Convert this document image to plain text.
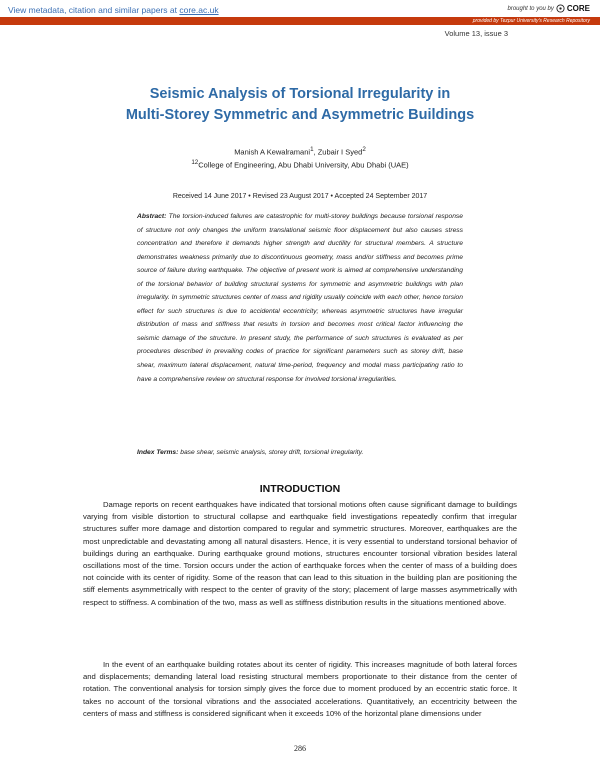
View metadata, citation and similar papers at core.ac.uk	brought to you by CORE
provided by Tezpur University's Research Repository
Volume 13, issue 3
Seismic Analysis of Torsional Irregularity in
Multi-Storey Symmetric and Asymmetric Buildings
Manish A Kewalramani$^1$, Zubair I Syed$^2$
$^{12}$College of Engineering, Abu Dhabi University, Abu Dhabi (UAE)
Received 14 June 2017 • Revised 23 August 2017 • Accepted 24 September 2017
Abstract: The torsion-induced failures are catastrophic for multi-storey buildings because torsional response of structure not only changes the uniform translational seismic floor displacement but also causes stress concentration and therefore it demands higher strength and ductility for structural members. A structure demonstrates weakness primarily due to discontinuous geometry, mass and/or stiffness and becomes prime source of failure during earthquake. The objective of present work is aimed at comprehensive understanding of the torsional behavior of building structural systems for symmetric and asymmetric buildings with plan irregularity. In symmetric structures center of mass and rigidity usually coincide with each other, hence torsion effect for such structures is due to accidental eccentricity; whereas asymmetric structures have irregular distribution of mass and stiffness that results in torsion and becomes most critical factor influencing the seismic damage of the structure. In present study, the performance of such structures is evaluated as per procedures described in prevailing codes of practice for significant parameters such as storey drift, base shear, maximum lateral displacement, natural time-period, frequency and modal mass participating ratio to have a comprehensive review on structural response for involved torsional irregularities.
Index Terms: base shear, seismic analysis, storey drift, torsional irregularity.
INTRODUCTION

Damage reports on recent earthquakes have indicated that torsional motions often cause significant damage to buildings varying from visible distortion to structural collapse and earthquake field investigations repeatedly confirm that irregular structures suffer more damage and distortion compared to regular and symmetric structures. Moreover, earthquakes are the most unpredictable and devastating among all natural disasters. Hence, it is very essential to understand torsional behavior of buildings during an earthquake. During earthquake ground motions, structures encounter torsional vibration besides lateral oscillations most of the time. Torsion occurs under the action of earthquake forces when the center of mass of a building does not coincide with its center of rigidity. Some of the reason that can lead to this situation in the building plan are positioning the stiff elements asymmetrically with respect to the center of gravity of the story; placement of large masses asymmetrically with respect to stiffness. A combination of the two, mass as well as stiffness distribution results in the situations mentioned above.

In the event of an earthquake building rotates about its center of rigidity. This increases magnitude of both lateral forces and displacements; demanding lateral load resisting structural members proportionate to their distance from the center of rotation. The conventional analysis for torsion simply gives the force due to moment produced by an eccentric static force. It takes no account of the torsional vibrations and the associated accelerations. Quantitatively, an eccentricity between the centers of mass and stiffness is considered significant when it exceeds 10% of the horizontal plane dimensions under

286
